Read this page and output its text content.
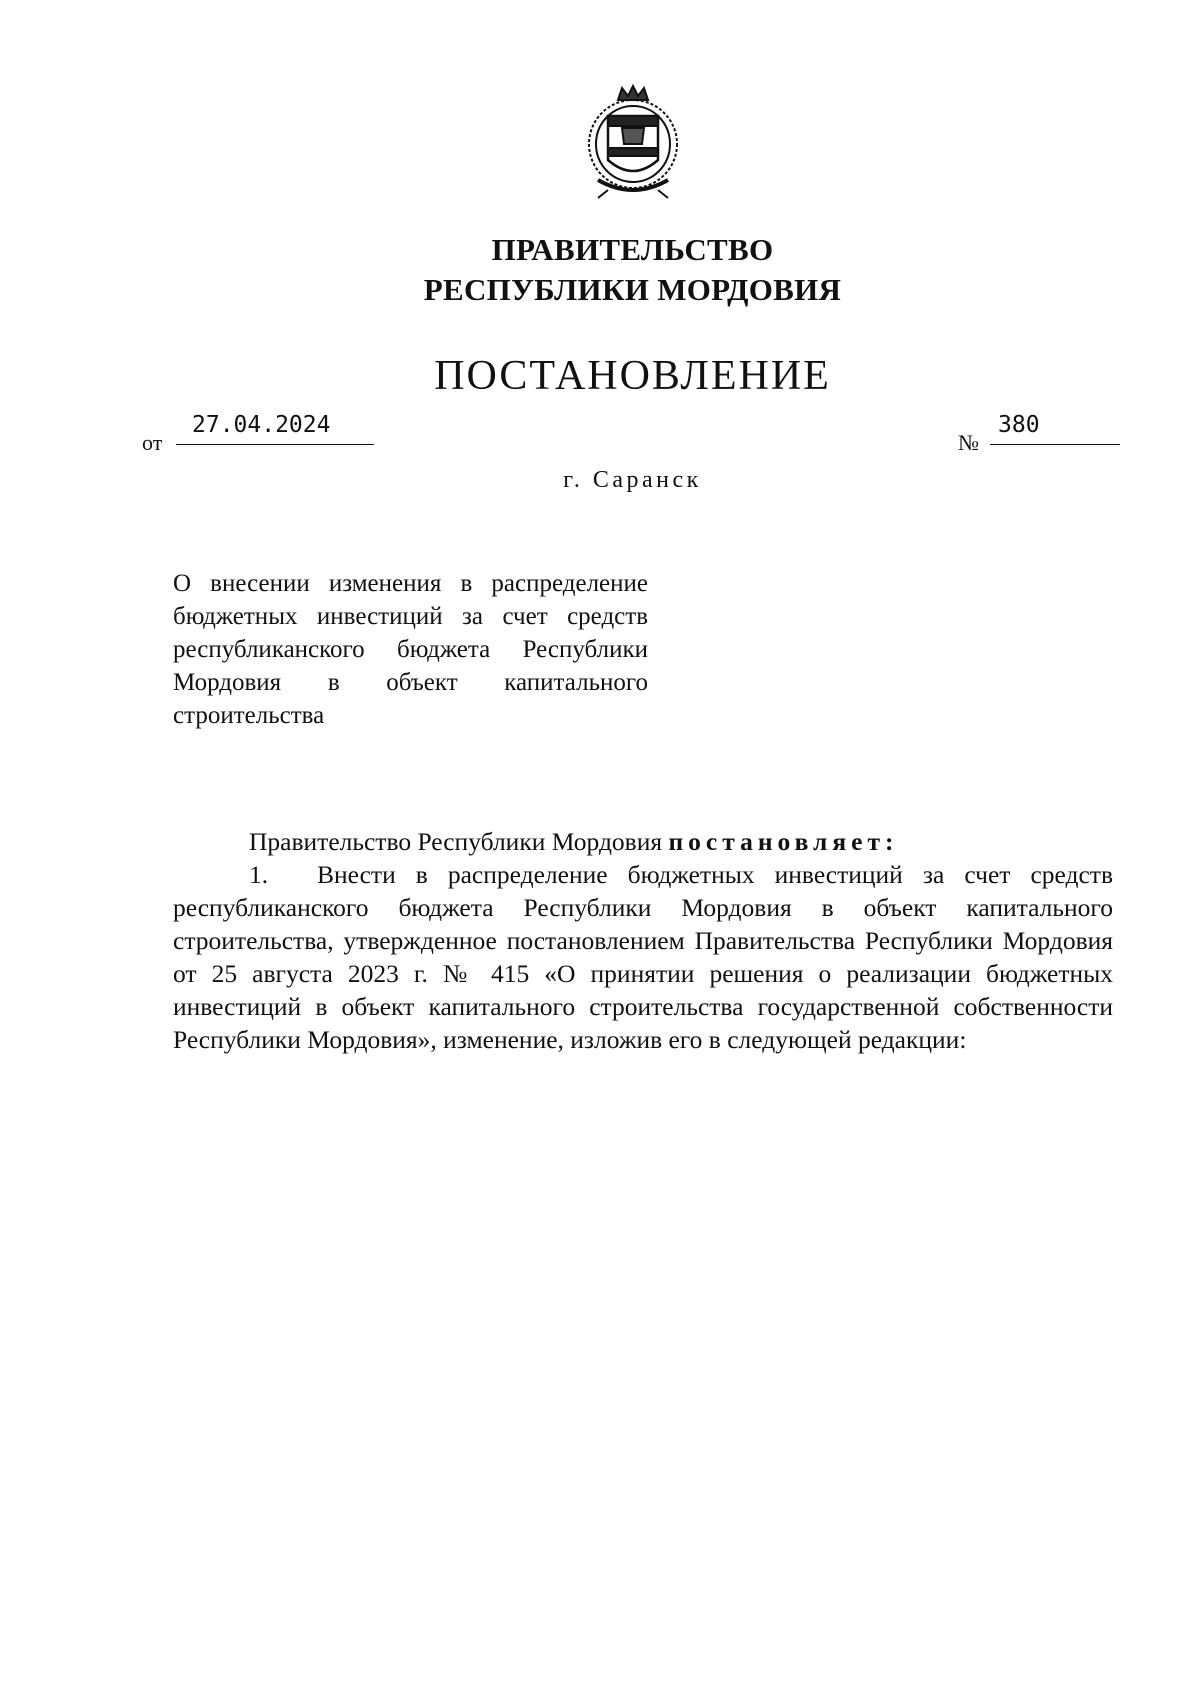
ПРАВИТЕЛЬСТВО
РЕСПУБЛИКИ МОРДОВИЯ
ПОСТАНОВЛЕНИЕ
от
27.04.2024
№
380
г. Саранск
О внесении изменения в распределение бюджетных инвестиций за счет средств республиканского бюджета Республики Мордовия в объект капитального строительства

Правительство Республики Мордовия постановляет:

1. Внести в распределение бюджетных инвестиций за счет средств республиканского бюджета Республики Мордовия в объект капитального строительства, утвержденное постановлением Правительства Республики Мордовия от 25 августа 2023 г. № 415 «О принятии решения о реализации бюджетных инвестиций в объект капитального строительства государственной собственности Республики Мордовия», изменение, изложив его в следующей редакции:
